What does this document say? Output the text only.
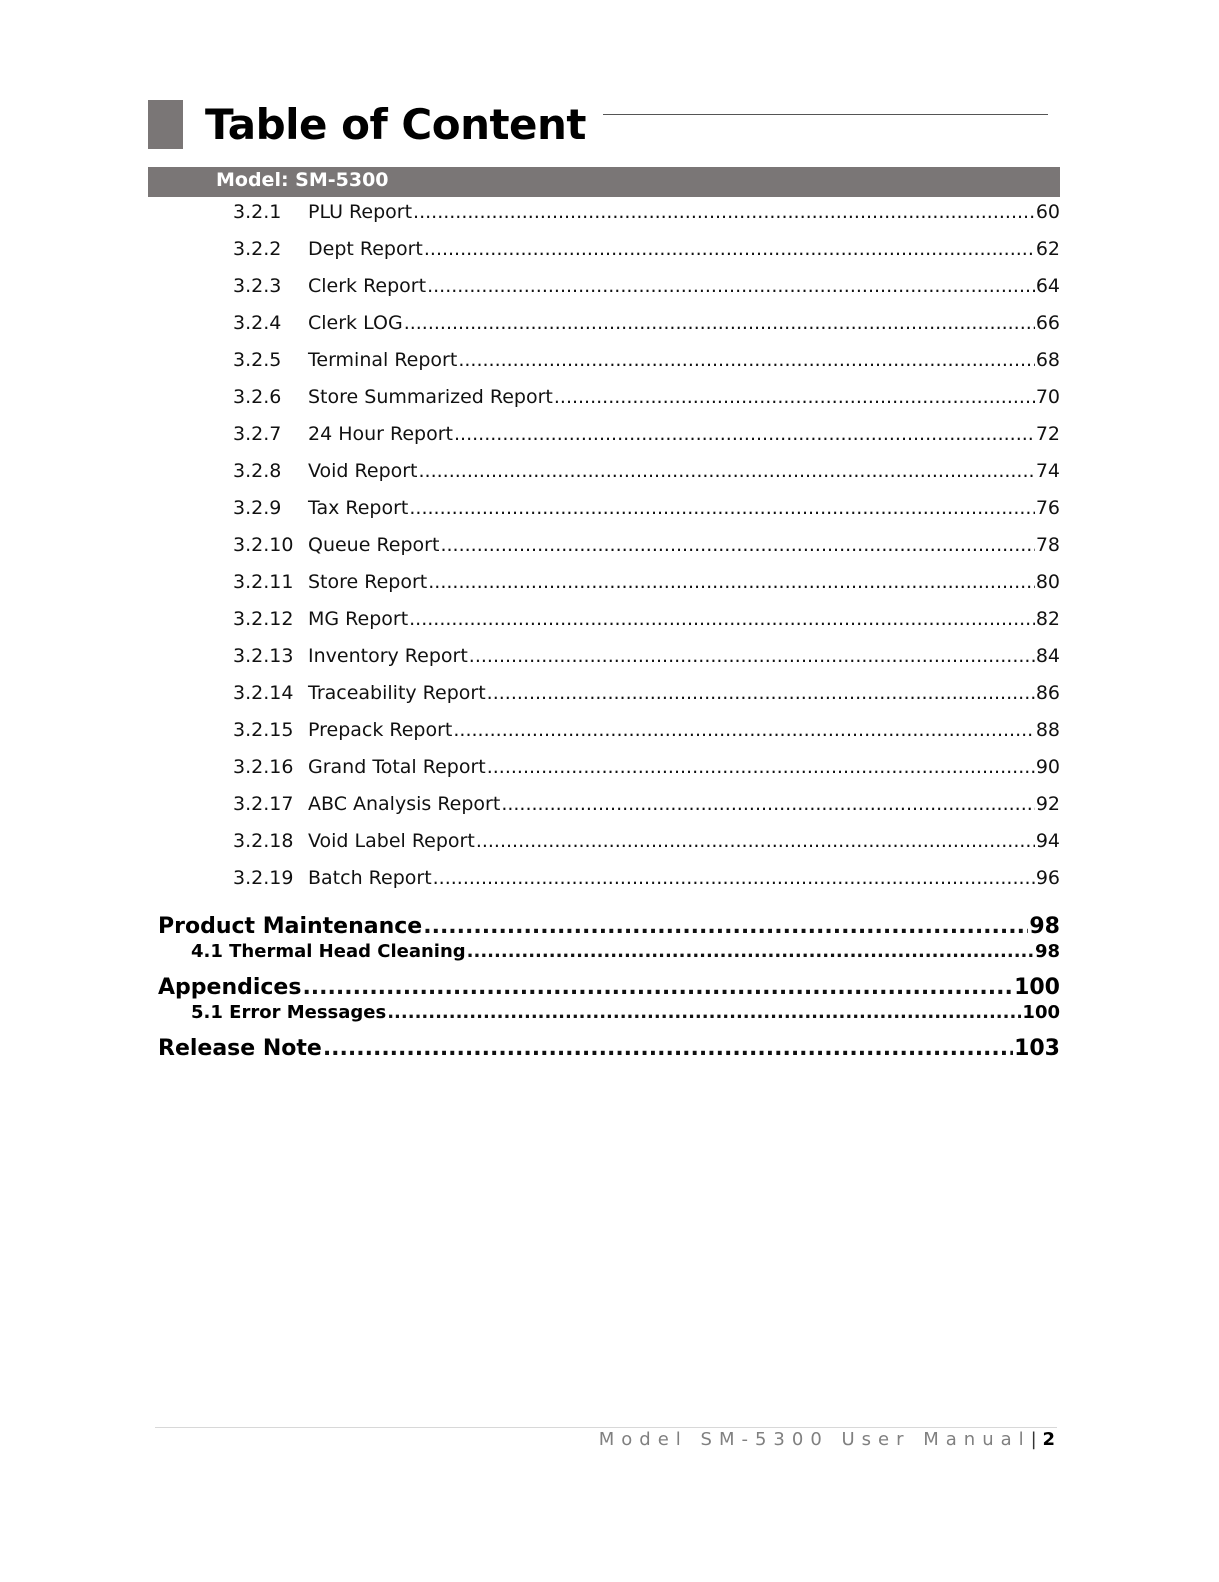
Table of Content
Model: SM-5300
3.2.1	PLU Report .....	60
3.2.2	Dept Report .....	62
3.2.3	Clerk Report .....	64
3.2.4	Clerk LOG .....	66
3.2.5	Terminal Report .....	68
3.2.6	Store Summarized Report .....	70
3.2.7	24 Hour Report .....	72
3.2.8	Void Report .....	74
3.2.9	Tax Report .....	76
3.2.10 Queue Report .....	78
3.2.11 Store Report .....	80
3.2.12 MG Report .....	82
3.2.13 Inventory Report .....	84
3.2.14 Traceability Report .....	86
3.2.15 Prepack Report .....	88
3.2.16 Grand Total Report .....	90
3.2.17 ABC Analysis Report .....	92
3.2.18 Void Label Report .....	94
3.2.19 Batch Report .....	96
Product Maintenance .....	98
4.1 Thermal Head Cleaning .....	98
Appendices .....	100
5.1 Error Messages .....	100
Release Note .....	103
Model SM-5300 User Manual| 2
